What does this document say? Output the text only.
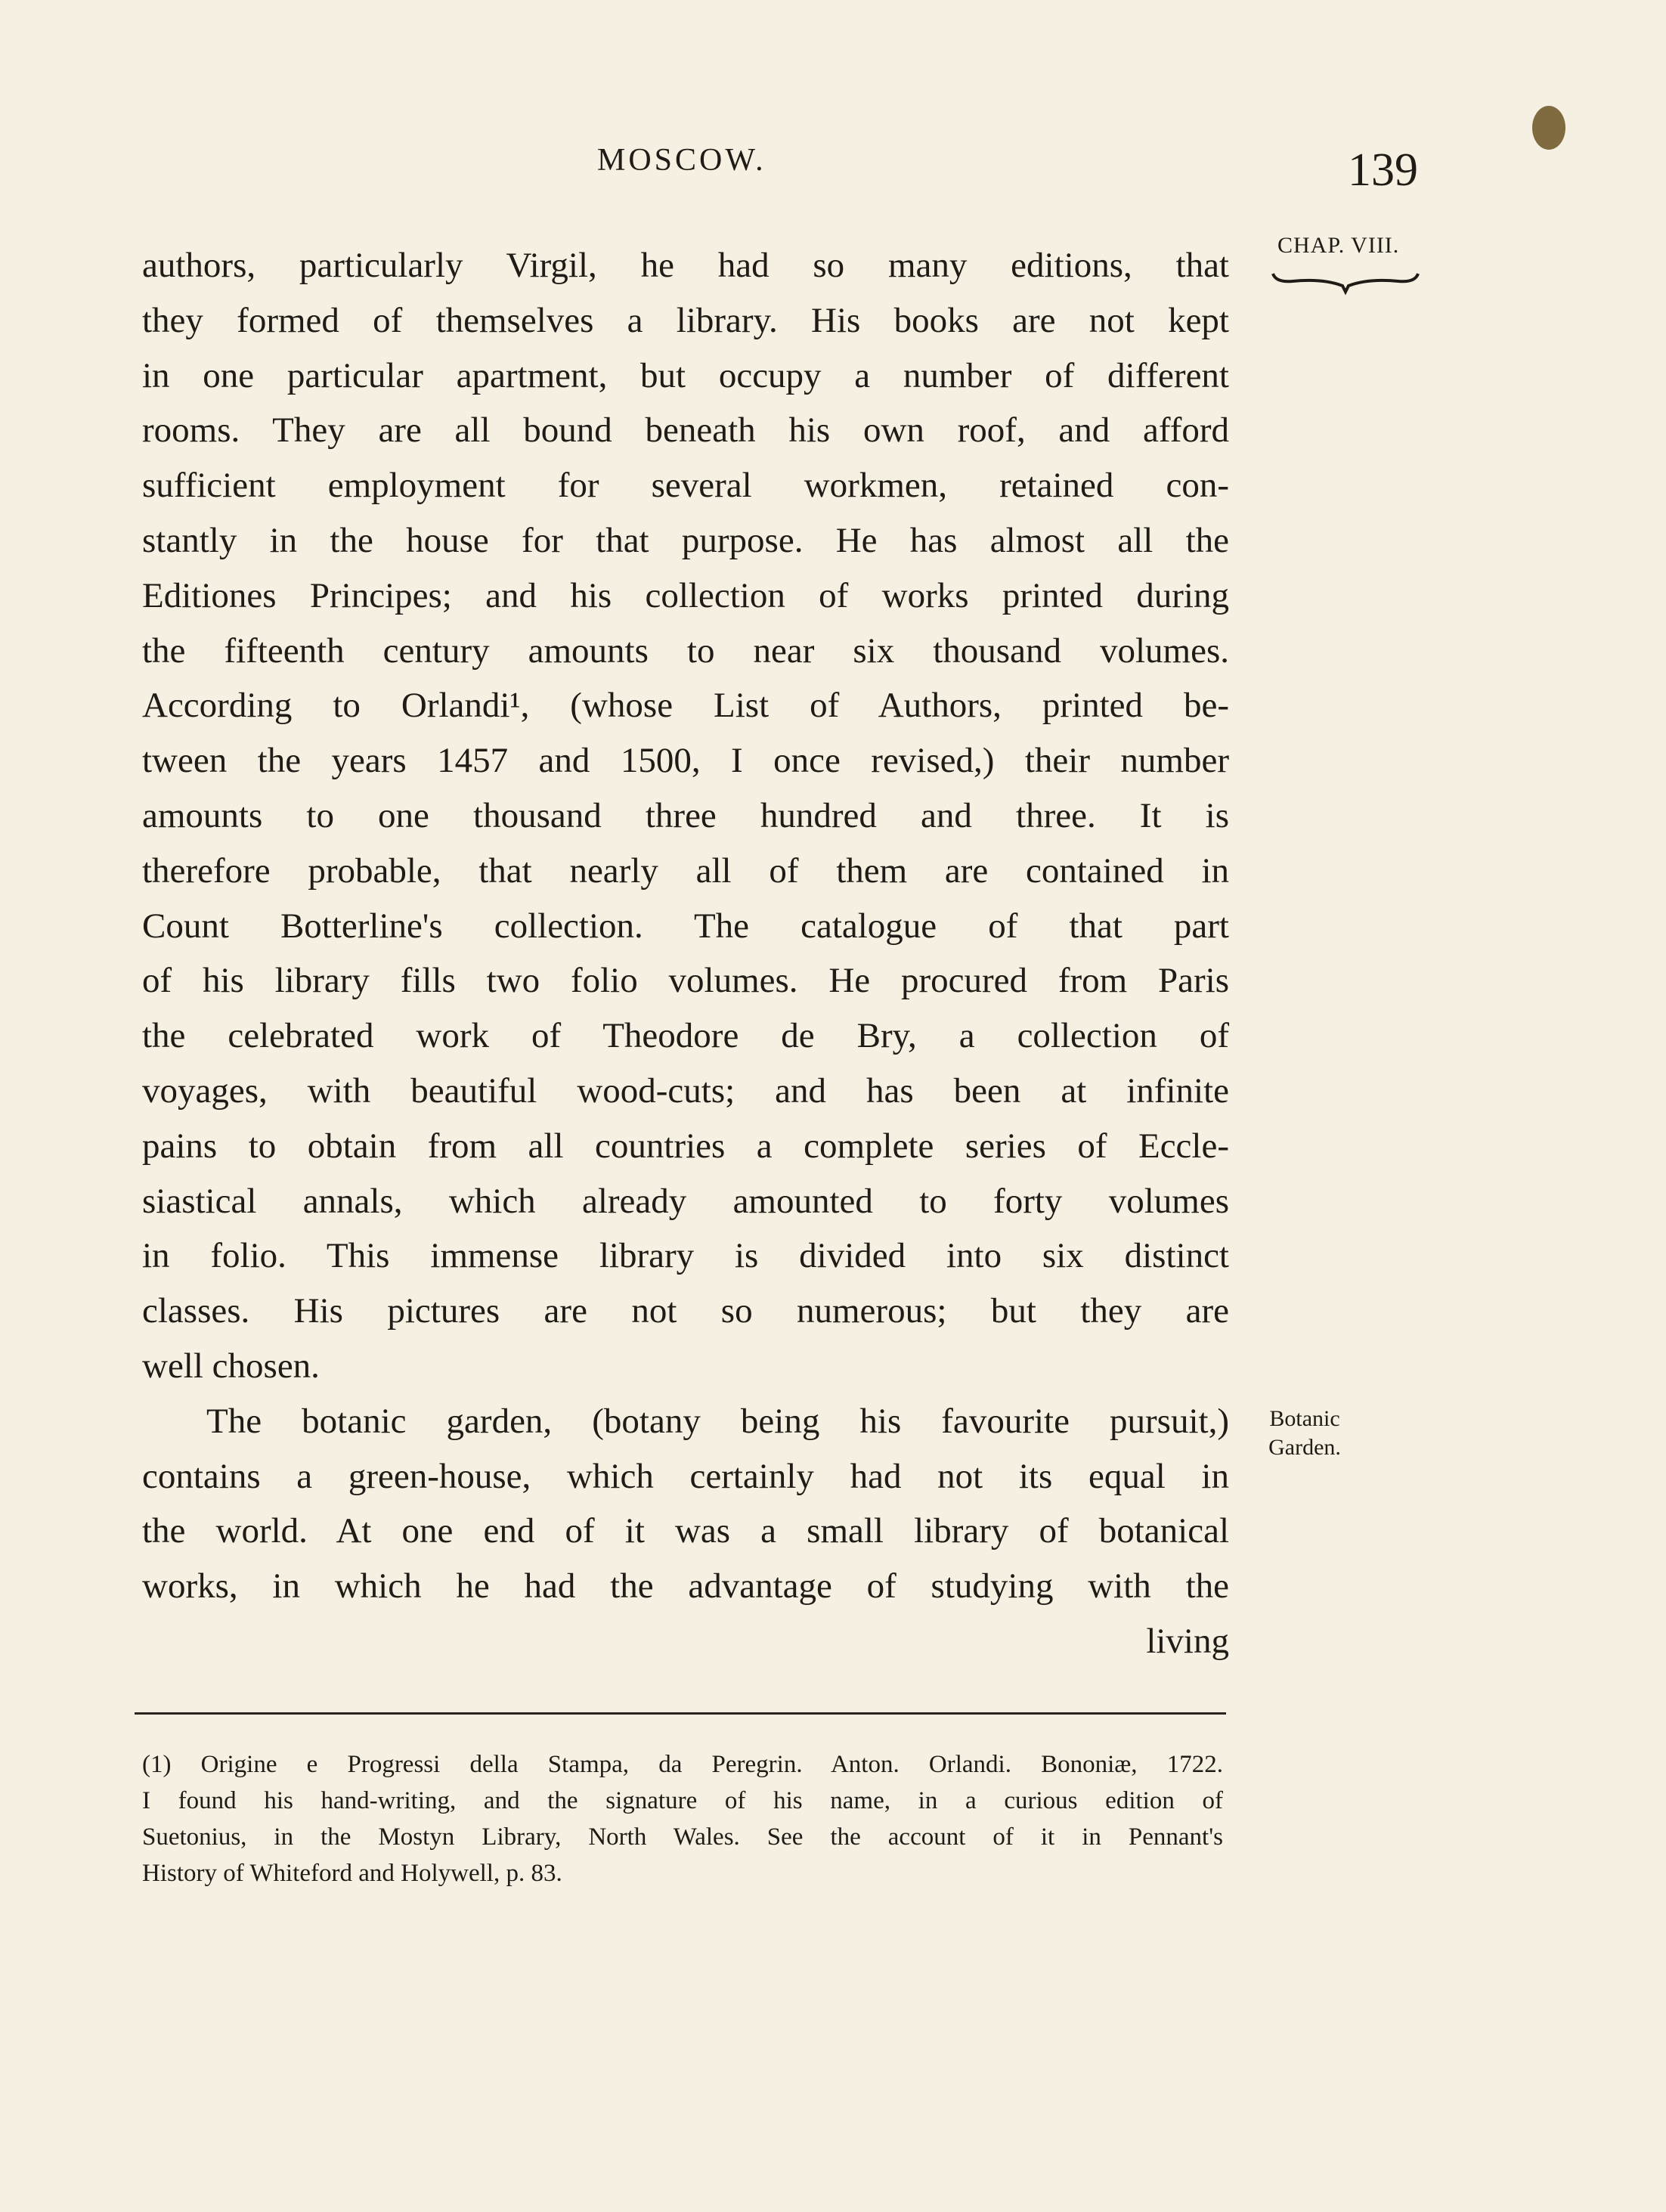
MOSCOW.	139
CHAP. VIII.
Botanic
Garden.
authors, particularly Virgil, he had so many editions, that
they formed of themselves a library. His books are not kept
in one particular apartment, but occupy a number of different
rooms. They are all bound beneath his own roof, and afford
sufficient employment for several workmen, retained con-
stantly in the house for that purpose. He has almost all the
Editiones Principes; and his collection of works printed during
the fifteenth century amounts to near six thousand volumes.
According to Orlandi¹, (whose List of Authors, printed be-
tween the years 1457 and 1500, I once revised,) their number
amounts to one thousand three hundred and three. It is
therefore probable, that nearly all of them are contained in
Count Botterline's collection. The catalogue of that part
of his library fills two folio volumes. He procured from Paris
the celebrated work of Theodore de Bry, a collection of
voyages, with beautiful wood-cuts; and has been at infinite
pains to obtain from all countries a complete series of Eccle-
siastical annals, which already amounted to forty volumes
in folio. This immense library is divided into six distinct
classes. His pictures are not so numerous; but they are
well chosen.
The botanic garden, (botany being his favourite pursuit,)
contains a green-house, which certainly had not its equal in
the world. At one end of it was a small library of botanical
works, in which he had the advantage of studying with the
living
(1) Origine e Progressi della Stampa, da Peregrin. Anton. Orlandi. Bononiæ, 1722.
I found his hand-writing, and the signature of his name, in a curious edition of
Suetonius, in the Mostyn Library, North Wales. See the account of it in Pennant's
History of Whiteford and Holywell, p. 83.
